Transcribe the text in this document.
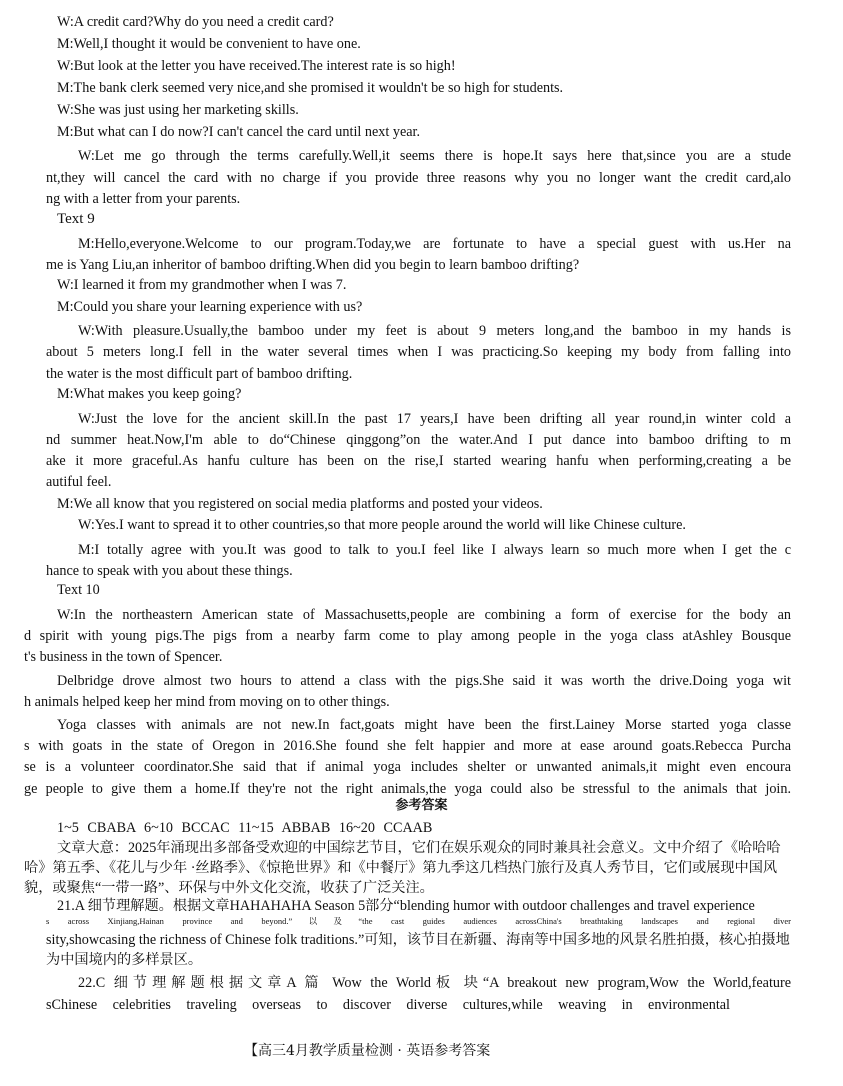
W:A credit card?Why do you need a credit card?
M:Well,I thought it would be convenient to have one.
W:But look at the letter you have received.The interest rate is so high!
M:The bank clerk seemed very nice,and she promised it wouldn't be so high for students.
W:She was just using her marketing skills.
M:But what can I do now?I can't cancel the card until next year.
W:Let me go through the terms carefully.Well,it seems there is hope.It says here that,since you are a stude
nt,they will cancel the card with no charge if you provide three reasons why you no longer want the credit card,alo
ng with a letter from your parents.
Text 9
M:Hello,everyone.Welcome to our program.Today,we are fortunate to have a special guest with us.Her na
me is Yang Liu,an inheritor of bamboo drifting.When did you begin to learn bamboo drifting?
W:I learned it from my grandmother when I was 7.
M:Could you share your learning experience with us?
W:With pleasure.Usually,the bamboo under my feet is about 9 meters long,and the bamboo in my hands is
about 5 meters long.I fell in the water several times when I was practicing.So keeping my body from falling into
the water is the most difficult part of bamboo drifting.
M:What makes you keep going?
W:Just the love for the ancient skill.In the past 17 years,I have been drifting all year round,in winter cold a
nd summer heat.Now,I'm able to do“Chinese qinggong”on the water.And I put dance into bamboo drifting to m
ake it more graceful.As hanfu culture has been on the rise,I started wearing hanfu when performing,creating a be
autiful feel.
M:We all know that you registered on social media platforms and posted your videos.
W:Yes.I want to spread it to other countries,so that more people around the world will like Chinese culture.
M:I totally agree with you.It was good to talk to you.I feel like I always learn so much more when I get the c
hance to speak with you about these things.
Text 10
W:In the northeastern American state of Massachusetts,people are combining a form of exercise for the body an
d spirit with young pigs.The pigs from a nearby farm come to play among people in the yoga class atAshley Bousque
t's business in the town of Spencer.
Delbridge drove almost two hours to attend a class with the pigs.She said it was worth the drive.Doing yoga wit
h animals helped keep her mind from moving on to other things.
Yoga classes with animals are not new.In fact,goats might have been the first.Lainey Morse started yoga classe
s with goats in the state of Oregon in 2016.She found she felt happier and more at ease around goats.Rebecca Purcha
se is a volunteer coordinator.She said that if animal yoga includes shelter or unwanted animals,it might even encoura
ge people to give them a home.If they're not the right animals,the yoga could also be stressful to the animals that join.
参考答案
1~5 CBABA 6~10 BCCAC 11~15 ABBAB 16~20 CCAAB
文章大意：2025年涌现出多部备受欢迎的中国综艺节目，它们在娱乐观众的同时兼具社会意义。文中介绍了《哈哈哈
哈》第五季、《花儿与少年 ·丝路季》、《惊艳世界》和《中餐厅》第九季这几档热门旅行及真人秀节目，它们或展现中国风
貌，或聚焦“一带一路”、环保与中外文化交流，收获了广泛关注。
21.A 细节理解题。根据文章HAHAHAHA Season 5部分“blending humor with outdoor challenges and travel experience
s across Xinjiang,Hainan province and beyond.”以及“the cast guides audiences acrossChina's breathtaking landscapes and regional diver
sity,showcasing the richness of Chinese folk traditions.”可知，该节目在新疆、海南等中国多地的风景名胜拍摄，核心拍摄地
为中国境内的多样景区。
22.C 细节理解题根据文章A 篇 Wow the World板 块“A breakout new program,Wow the World,feature
sChinese celebrities traveling overseas to discover diverse cultures,while weaving in environmental
【高三4月教学质量检测 · 英语参考答案
